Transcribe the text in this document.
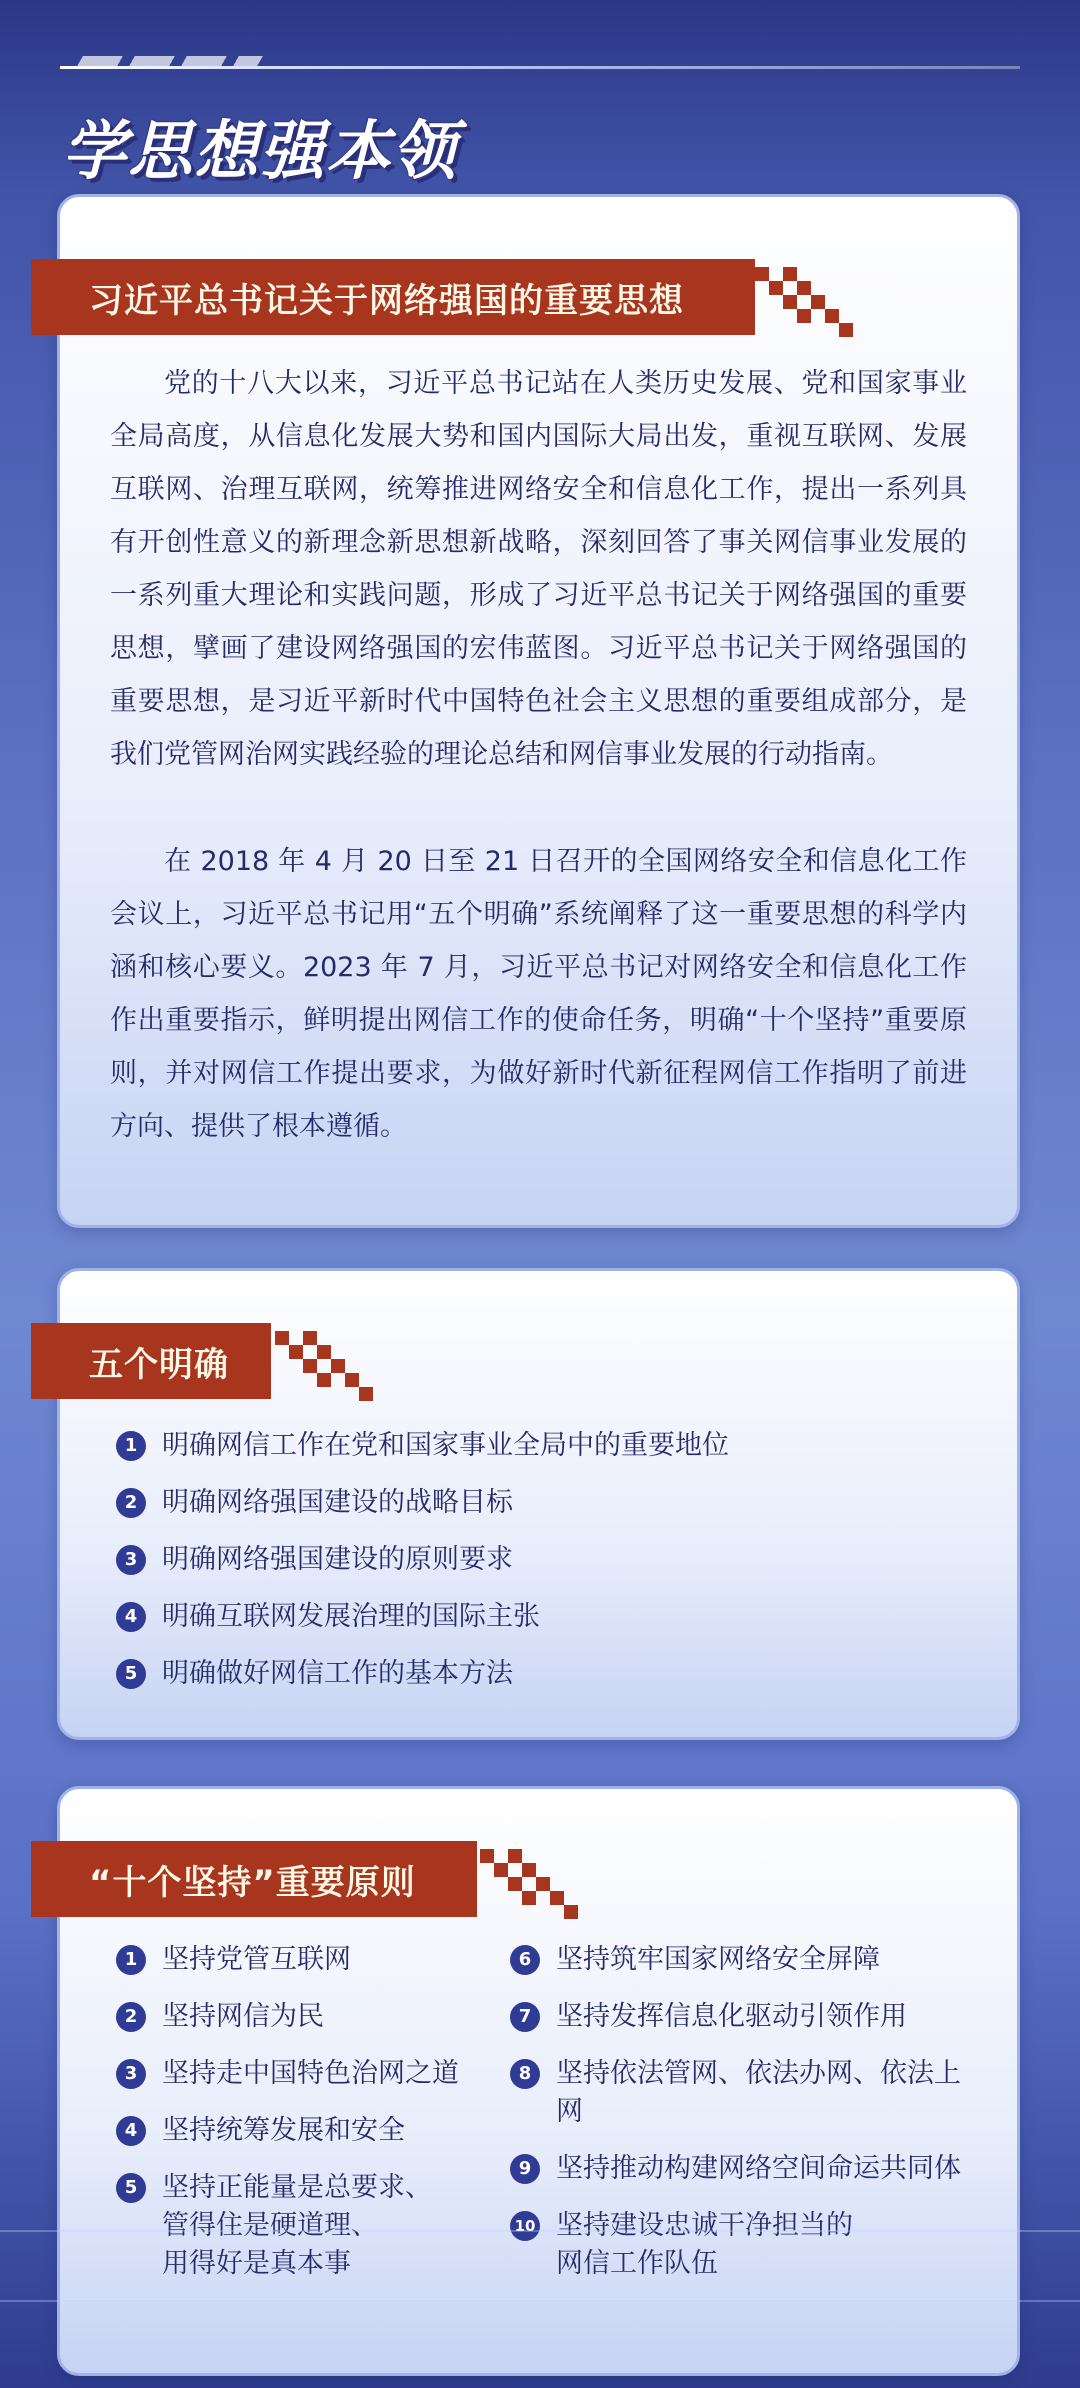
学思想强本领
习近平总书记关于网络强国的重要思想

党的十八大以来，习近平总书记站在人类历史发展、党和国家事业全局高度，从信息化发展大势和国内国际大局出发，重视互联网、发展互联网、治理互联网，统筹推进网络安全和信息化工作，提出一系列具有开创性意义的新理念新思想新战略，深刻回答了事关网信事业发展的一系列重大理论和实践问题，形成了习近平总书记关于网络强国的重要思想，擘画了建设网络强国的宏伟蓝图。习近平总书记关于网络强国的重要思想，是习近平新时代中国特色社会主义思想的重要组成部分，是我们党管网治网实践经验的理论总结和网信事业发展的行动指南。

在 2018 年 4 月 20 日至 21 日召开的全国网络安全和信息化工作会议上，习近平总书记用“五个明确”系统阐释了这一重要思想的科学内涵和核心要义。2023 年 7 月，习近平总书记对网络安全和信息化工作作出重要指示，鲜明提出网信工作的使命任务，明确“十个坚持”重要原则，并对网信工作提出要求，为做好新时代新征程网信工作指明了前进方向、提供了根本遵循。

五个明确
1 明确网信工作在党和国家事业全局中的重要地位
2 明确网络强国建设的战略目标
3 明确网络强国建设的原则要求
4 明确互联网发展治理的国际主张
5 明确做好网信工作的基本方法
“十个坚持”重要原则
1 坚持党管互联网
2 坚持网信为民
3 坚持走中国特色治网之道
4 坚持统筹发展和安全
5 坚持正能量是总要求、
管得住是硬道理、
用得好是真本事
6 坚持筑牢国家网络安全屏障
7 坚持发挥信息化驱动引领作用
8 坚持依法管网、依法办网、依法上网
9 坚持推动构建网络空间命运共同体
10 坚持建设忠诚干净担当的
网信工作队伍
